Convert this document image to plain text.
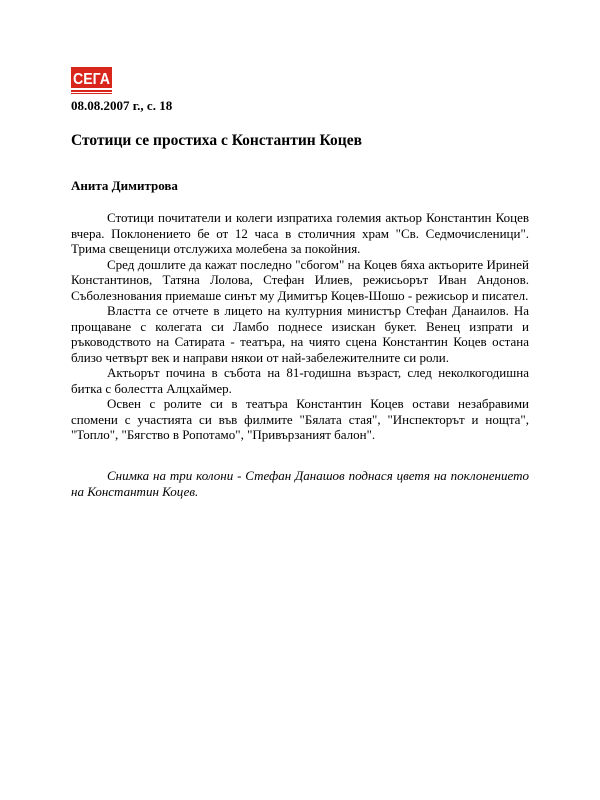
СЕГА
08.08.2007 г., с. 18
Стотици се простиха с Константин Коцев
Анита Димитрова

Стотици почитатели и колеги изпратиха големия актьор Константин Коцев вчера. Поклонението бе от 12 часа в столичния храм "Св. Седмочисленици". Трима свещеници отслужиха молебена за покойния.

Сред дошлите да кажат последно "сбогом" на Коцев бяха актьорите Ириней Константинов, Татяна Лолова, Стефан Илиев, режисьорът Иван Андонов. Съболезнования приемаше синът му Димитър Коцев-Шошо - режисьор и писател.

Властта се отчете в лицето на културния министър Стефан Данаилов. На прощаване с колегата си Ламбо поднесе изискан букет. Венец изпрати и ръководството на Сатирата - театъра, на чиято сцена Константин Коцев остана близо четвърт век и направи някои от най-забележителните си роли.

Актьорът почина в събота на 81-годишна възраст, след неколкогодишна битка с болестта Алцхаймер.

Освен с ролите си в театъра Константин Коцев остави незабравими спомени с участията си във филмите "Бялата стая", "Инспекторът и нощта", "Топло", "Бягство в Ропотамо", "Привързаният балон".

Снимка на три колони - Стефан Данашов поднася цветя на поклонението на Константин Коцев.
